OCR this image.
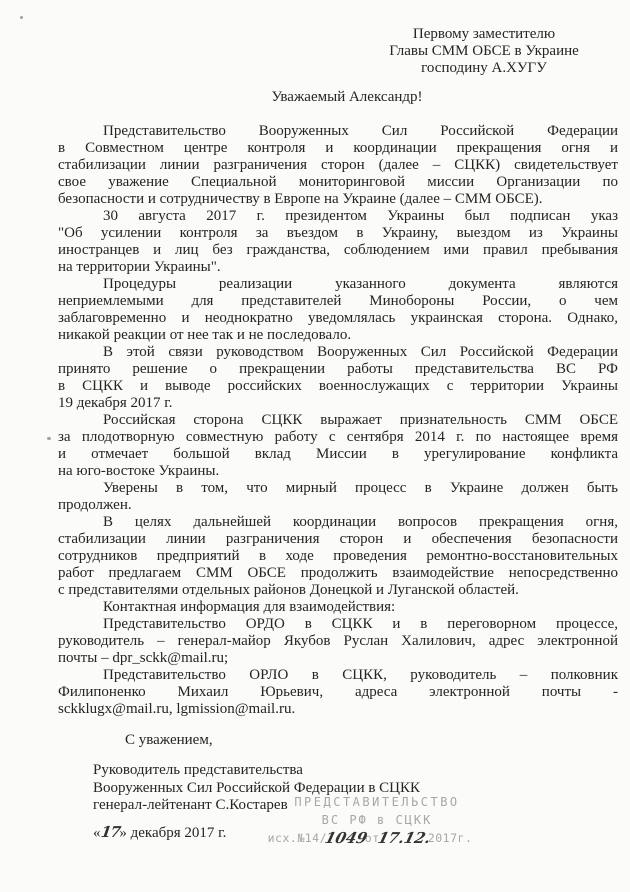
Первому заместителю
Главы СММ ОБСЕ в Украине
господину А.ХУГУ
Уважаемый Александр!
Представительство Вооруженных Сил Российской Федерации
в Совместном центре контроля и координации прекращения огня и
стабилизации линии разграничения сторон (далее – СЦКК) свидетельствует
свое уважение Специальной мониторинговой миссии Организации по
безопасности и сотрудничеству в Европе на Украине (далее – СММ ОБСЕ).
30 августа 2017 г. президентом Украины был подписан указ
"Об усилении контроля за въездом в Украину, выездом из Украины
иностранцев и лиц без гражданства, соблюдением ими правил пребывания
на территории Украины".
Процедуры реализации указанного документа являются
неприемлемыми для представителей Минобороны России, о чем
заблаговременно и неоднократно уведомлялась украинская сторона. Однако,
никакой реакции от нее так и не последовало.
В этой связи руководством Вооруженных Сил Российской Федерации
принято решение о прекращении работы представительства ВС РФ
в СЦКК и выводе российских военнослужащих с территории Украины
19 декабря 2017 г.
Российская сторона СЦКК выражает признательность СММ ОБСЕ
за плодотворную совместную работу с сентября 2014 г. по настоящее время
и отмечает большой вклад Миссии в урегулирование конфликта
на юго-востоке Украины.
Уверены в том, что мирный процесс в Украине должен быть
продолжен.
В целях дальнейшей координации вопросов прекращения огня,
стабилизации линии разграничения сторон и обеспечения безопасности
сотрудников предприятий в ходе проведения ремонтно-восстановительных
работ предлагаем СММ ОБСЕ продолжить взаимодействие непосредственно
с представителями отдельных районов Донецкой и Луганской областей.
Контактная информация для взаимодействия:
Представительство ОРДО в СЦКК и в переговорном процессе,
руководитель – генерал-майор Якубов Руслан Халилович, адрес электронной
почты – dpr_sckk@mail.ru;
Представительство ОРЛО в СЦКК, руководитель – полковник
Филипоненко Михаил Юрьевич, адреса электронной почты -
sckklugx@mail.ru, lgmission@mail.ru.
С уважением,
Руководитель представительства
Вооруженных Сил Российской Федерации в СЦКК
генерал-лейтенант С.Костарев
«17» декабря 2017 г.
ПРЕДСТАВИТЕЛЬСТВО
ВС РФ в СЦКК
исх.№14/1049от17.12.2017г.
